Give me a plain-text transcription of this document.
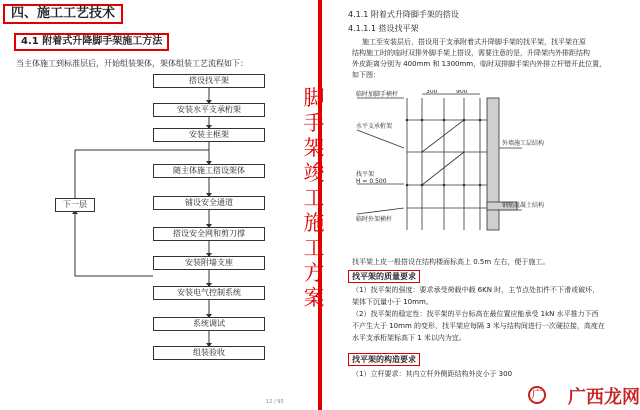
四、施工工艺技术
4.1 附着式升降脚手架施工方法
当主体施工到标准层后，开始组装架体，架体组装工艺流程如下：
搭设找平架
安装水平支承桁架
安装主框架
随主体施工搭设架体
铺设安全通道
搭设安全网和剪刀撑
安装附墙支座
安装电气控制系统
系统调试
组装验收
下一层
12 / 95
4.1.1 附着式升降脚手架的搭设
4.1.1.1 搭设找平架
施工至安装层后，搭设用于支承附着式升降脚手架的找平架，找平架在原
结构施工时的临时双排外脚手架上搭设，需要注意的是，升降架内外排距结构
外皮距离分别为 400mm 和 1300mm，临时双排脚手架内外排立杆错开此位置，
如下图：
300	900
临时加脚手横杆
水平支承桁架
找平架
H = 0.500
临时外架横杆
外墙施工层结构
钢筋混凝土结构
找平架上皮一般搭设在结构楼面标高上 0.5m 左右，便于施工。
找平架的质量要求
（1）找平架的强度：要求承受荷载中载 6KN 时，主节点处扣件不下滑或破坏，
架体下沉量小于 10mm。
（2）找平架的稳定性：找平架的平台标高在最位置应能承受 1kN 水平推力下西
不产生大于 10mm 的变形，找平架应每隔 3 米与结构间进行一次硬拉接，高度在
水平支承桁架标高下 1 米以内为宜。
找平架的构造要求
（1）立杆要求：其内立杆外侧距结构外皮小于 300
脚手架竣工施工方案
广	广西龙网
